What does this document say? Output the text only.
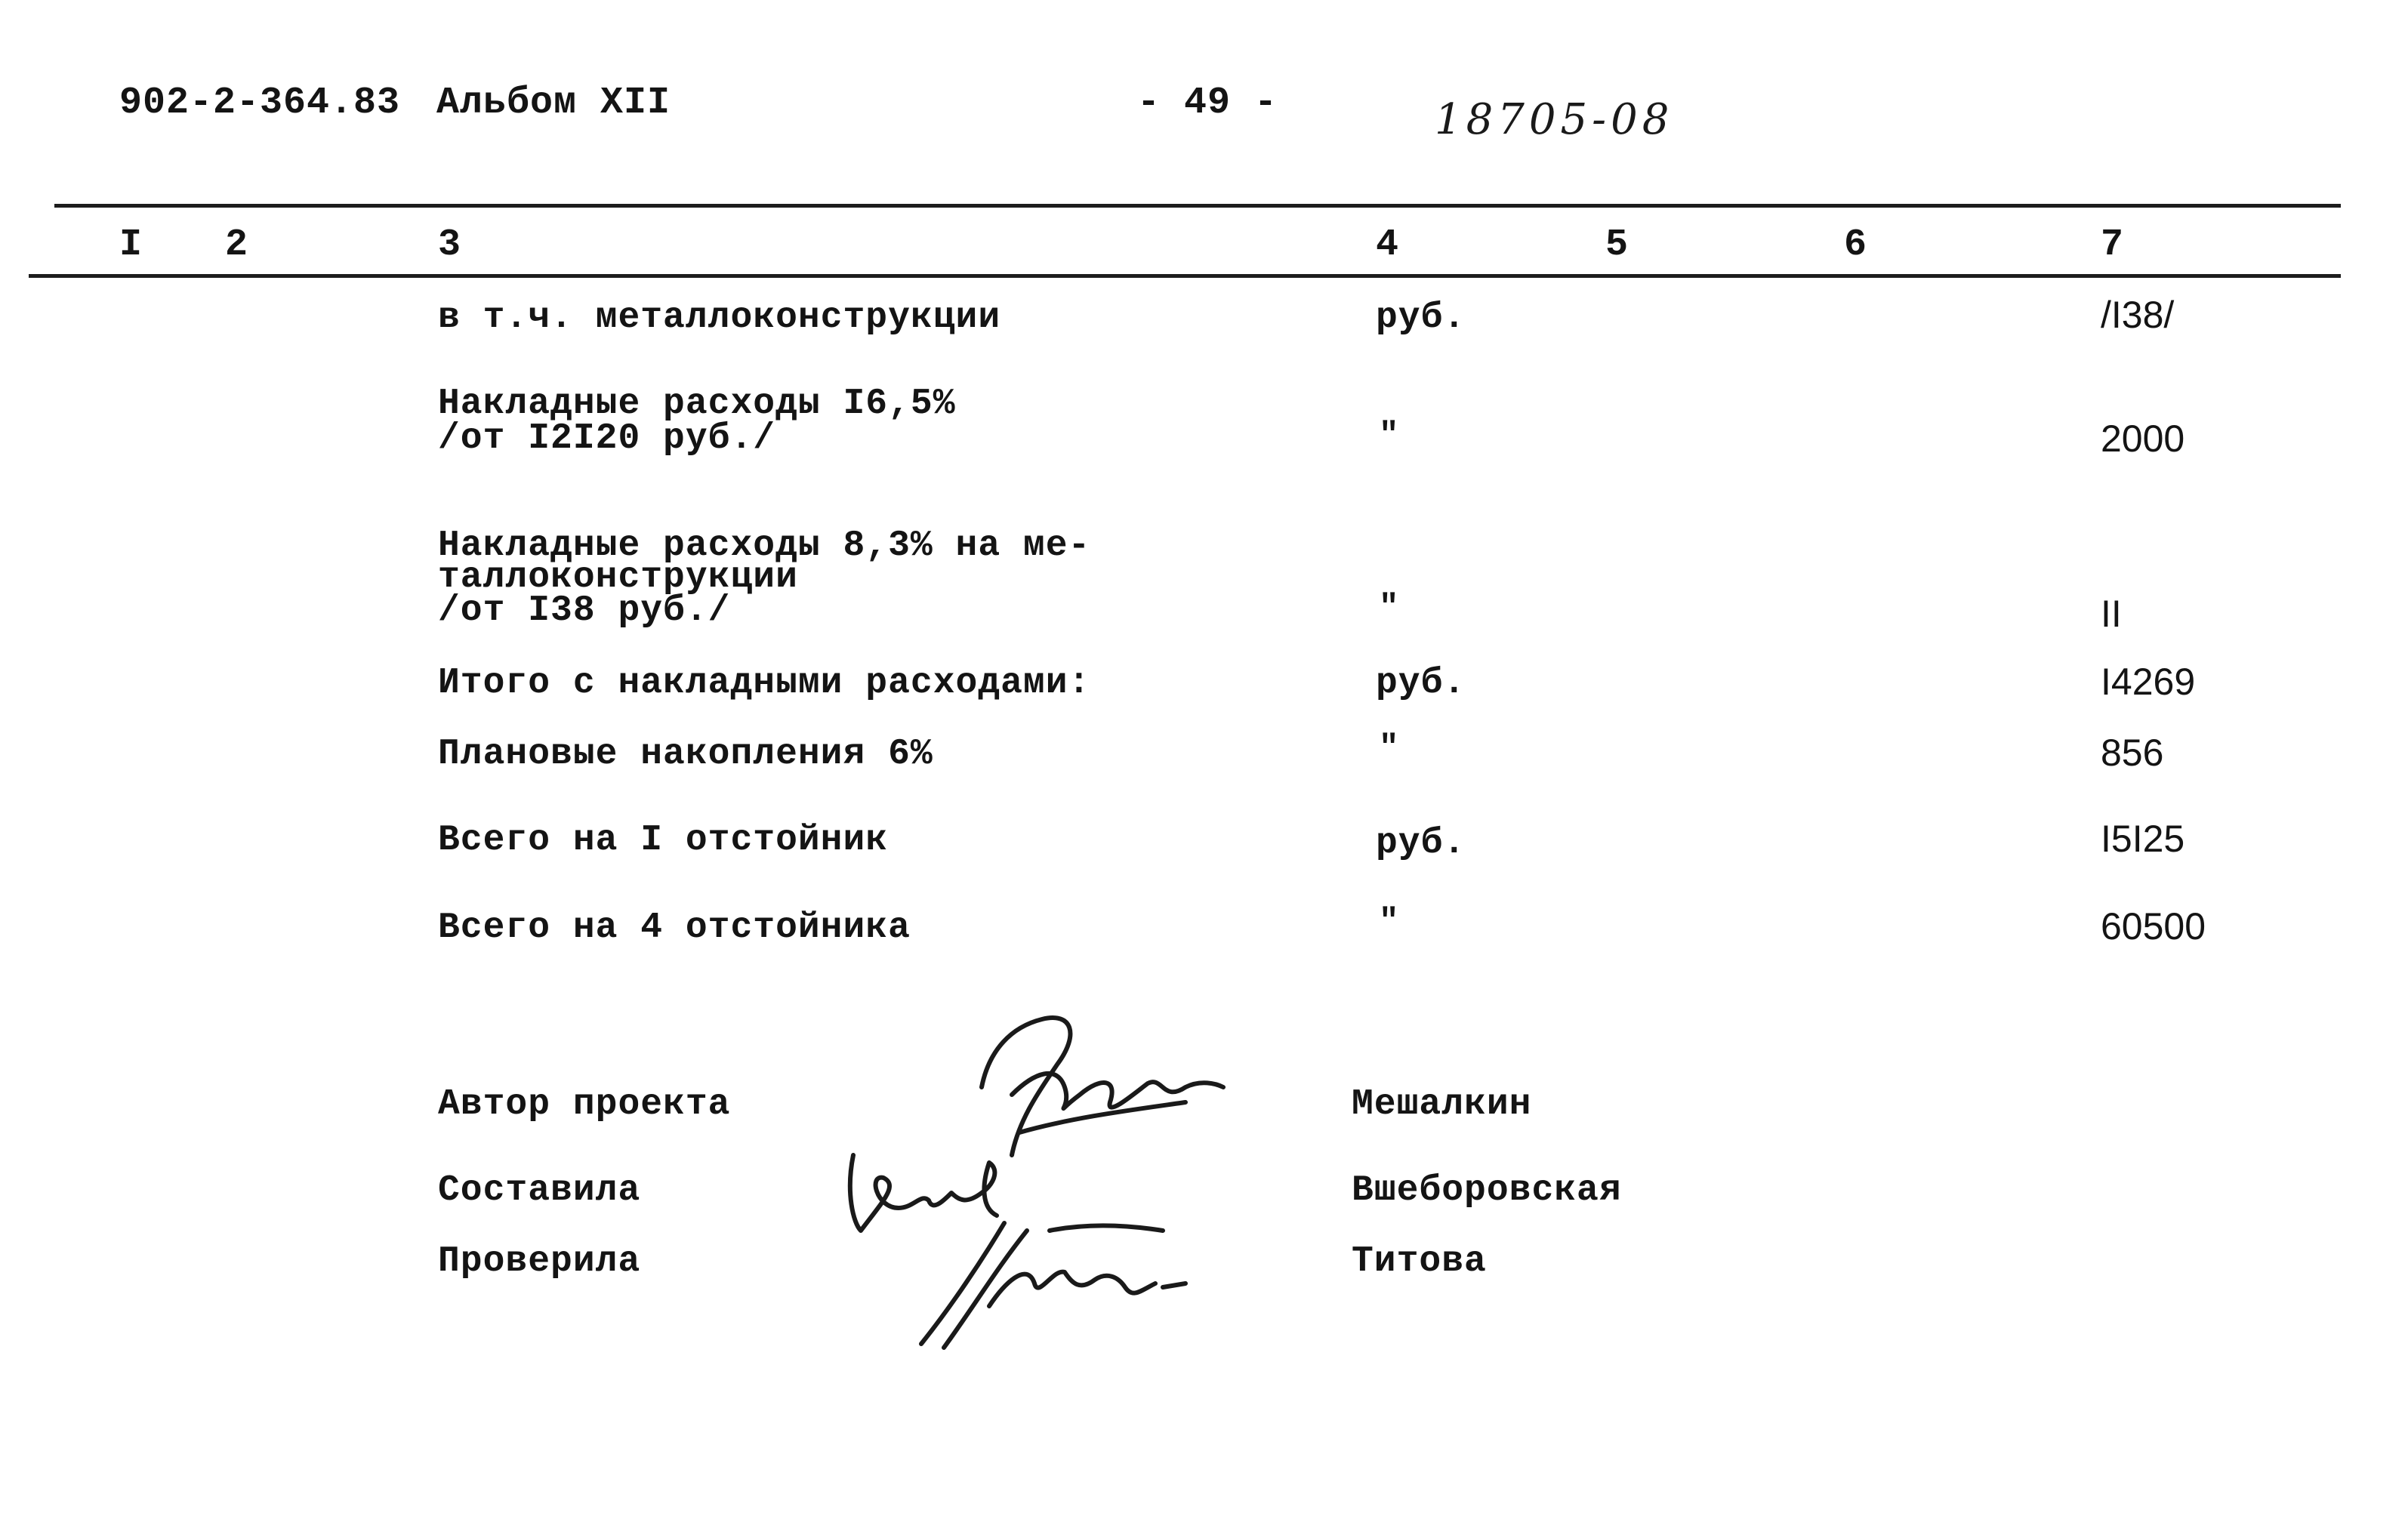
902-2-364.83 Альбом XII	- 49 -	18705-08
I 2	3	4	5	6	7
в т.ч. металлоконструкции	руб.	/I38/
Накладные расходы I6,5%
/от I2I20 руб./	"	2000
Накладные расходы 8,3% на ме-
таллоконструкции
/от I38 руб./	"	II
Итого с накладными расходами:	руб.	I4269
Плановые накопления 6%	"	856
Всего на I отстойник	руб.	I5I25
Всего на 4 отстойника	"	60500
Автор проекта	Мешалкин
Составила	Вшеборовская
Проверила	Титова
